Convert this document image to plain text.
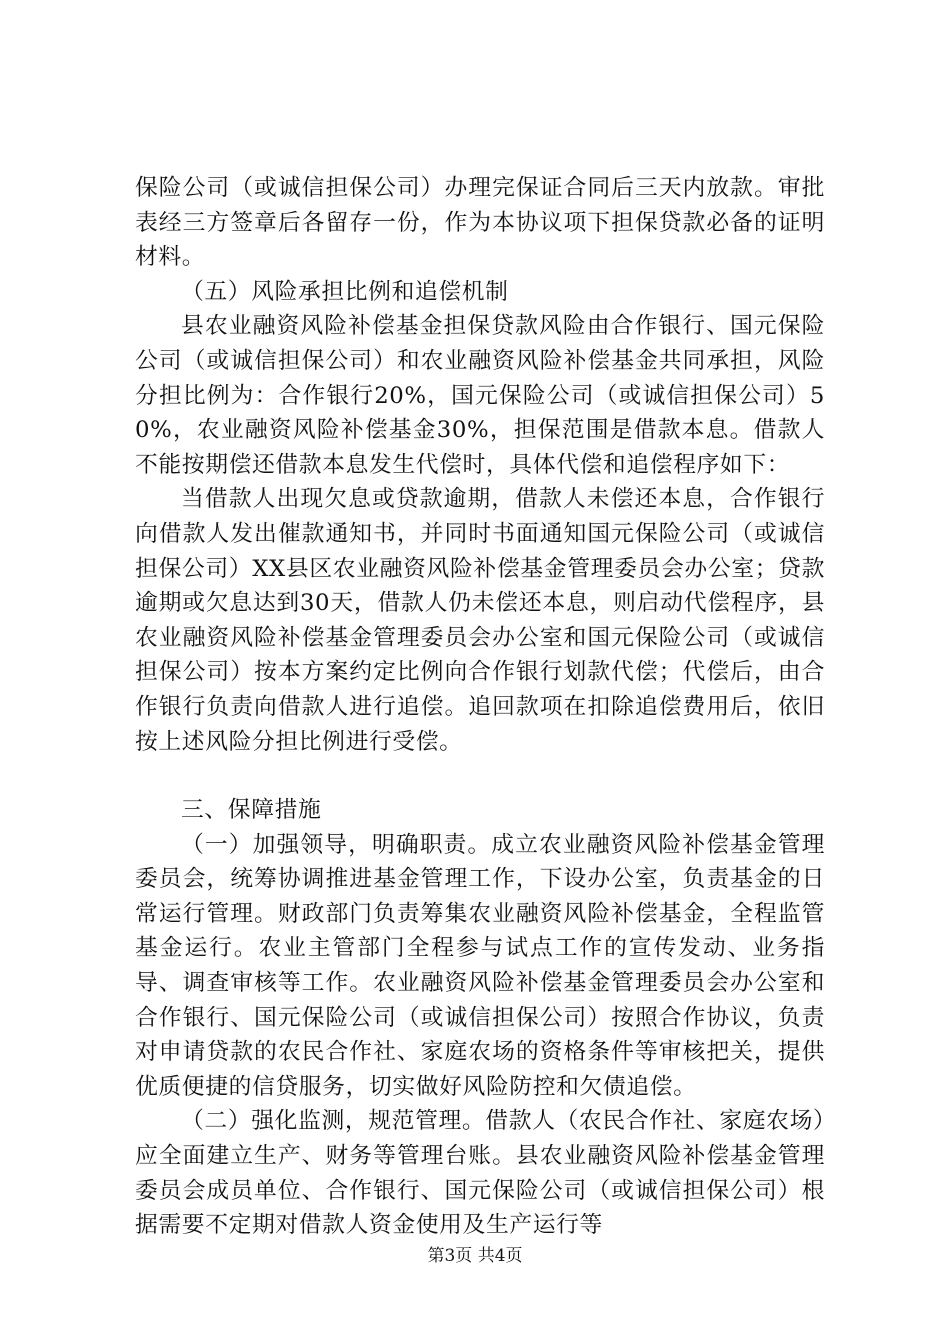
保险公司（或诚信担保公司）办理完保证合同后三天内放款。审批表经三方签章后各留存一份，作为本协议项下担保贷款必备的证明材料。

（五）风险承担比例和追偿机制

县农业融资风险补偿基金担保贷款风险由合作银行、国元保险公司（或诚信担保公司）和农业融资风险补偿基金共同承担，风险分担比例为：合作银行20%，国元保险公司（或诚信担保公司）50%，农业融资风险补偿基金30%，担保范围是借款本息。借款人不能按期偿还借款本息发生代偿时，具体代偿和追偿程序如下：

当借款人出现欠息或贷款逾期，借款人未偿还本息，合作银行向借款人发出催款通知书，并同时书面通知国元保险公司（或诚信担保公司）XX县区农业融资风险补偿基金管理委员会办公室；贷款逾期或欠息达到30天，借款人仍未偿还本息，则启动代偿程序，县农业融资风险补偿基金管理委员会办公室和国元保险公司（或诚信担保公司）按本方案约定比例向合作银行划款代偿；代偿后，由合作银行负责向借款人进行追偿。追回款项在扣除追偿费用后，依旧按上述风险分担比例进行受偿。

三、保障措施

（一）加强领导，明确职责。成立农业融资风险补偿基金管理委员会，统筹协调推进基金管理工作，下设办公室，负责基金的日常运行管理。财政部门负责筹集农业融资风险补偿基金，全程监管基金运行。农业主管部门全程参与试点工作的宣传发动、业务指导、调查审核等工作。农业融资风险补偿基金管理委员会办公室和合作银行、国元保险公司（或诚信担保公司）按照合作协议，负责对申请贷款的农民合作社、家庭农场的资格条件等审核把关，提供优质便捷的信贷服务，切实做好风险防控和欠债追偿。

（二）强化监测，规范管理。借款人（农民合作社、家庭农场）应全面建立生产、财务等管理台账。县农业融资风险补偿基金管理委员会成员单位、合作银行、国元保险公司（或诚信担保公司）根据需要不定期对借款人资金使用及生产运行等

第3页 共4页
